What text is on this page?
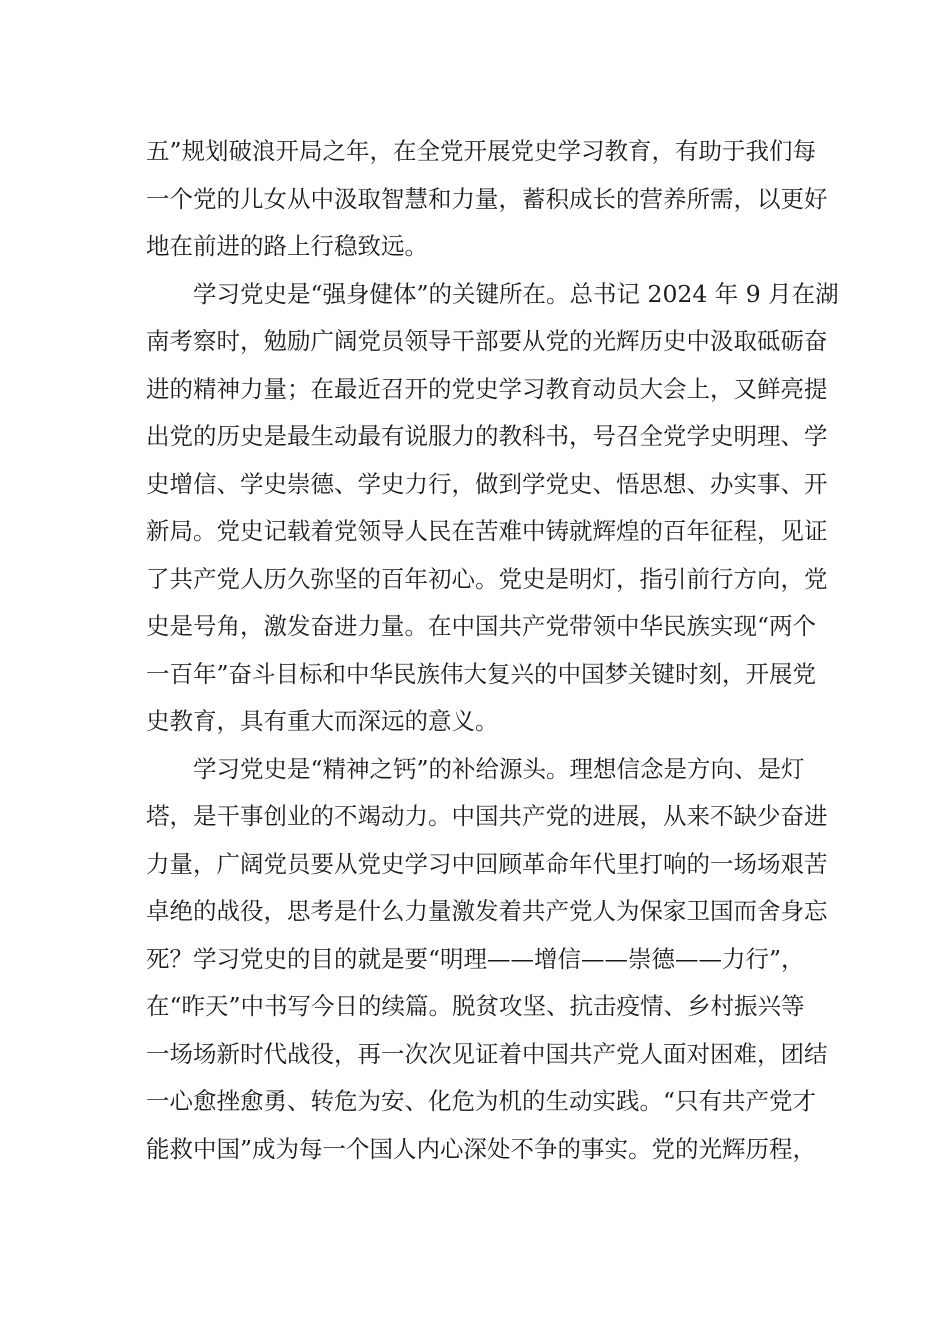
五”规划破浪开局之年，在全党开展党史学习教育，有助于我们每
一个党的儿女从中汲取智慧和力量，蓄积成长的营养所需，以更好
地在前进的路上行稳致远。
学习党史是“强身健体”的关键所在。总书记 2024 年 9 月在湖
南考察时，勉励广阔党员领导干部要从党的光辉历史中汲取砥砺奋
进的精神力量；在最近召开的党史学习教育动员大会上，又鲜亮提
出党的历史是最生动最有说服力的教科书，号召全党学史明理、学
史增信、学史崇德、学史力行，做到学党史、悟思想、办实事、开
新局。党史记载着党领导人民在苦难中铸就辉煌的百年征程，见证
了共产党人历久弥坚的百年初心。党史是明灯，指引前行方向，党
史是号角，激发奋进力量。在中国共产党带领中华民族实现“两个
一百年”奋斗目标和中华民族伟大复兴的中国梦关键时刻，开展党
史教育，具有重大而深远的意义。
学习党史是“精神之钙”的补给源头。理想信念是方向、是灯
塔，是干事创业的不竭动力。中国共产党的进展，从来不缺少奋进
力量，广阔党员要从党史学习中回顾革命年代里打响的一场场艰苦
卓绝的战役，思考是什么力量激发着共产党人为保家卫国而舍身忘
死？学习党史的目的就是要“明理——增信——崇德——力行”，
在“昨天”中书写今日的续篇。脱贫攻坚、抗击疫情、乡村振兴等
一场场新时代战役，再一次次见证着中国共产党人面对困难，团结
一心愈挫愈勇、转危为安、化危为机的生动实践。“只有共产党才
能救中国”成为每一个国人内心深处不争的事实。党的光辉历程，
